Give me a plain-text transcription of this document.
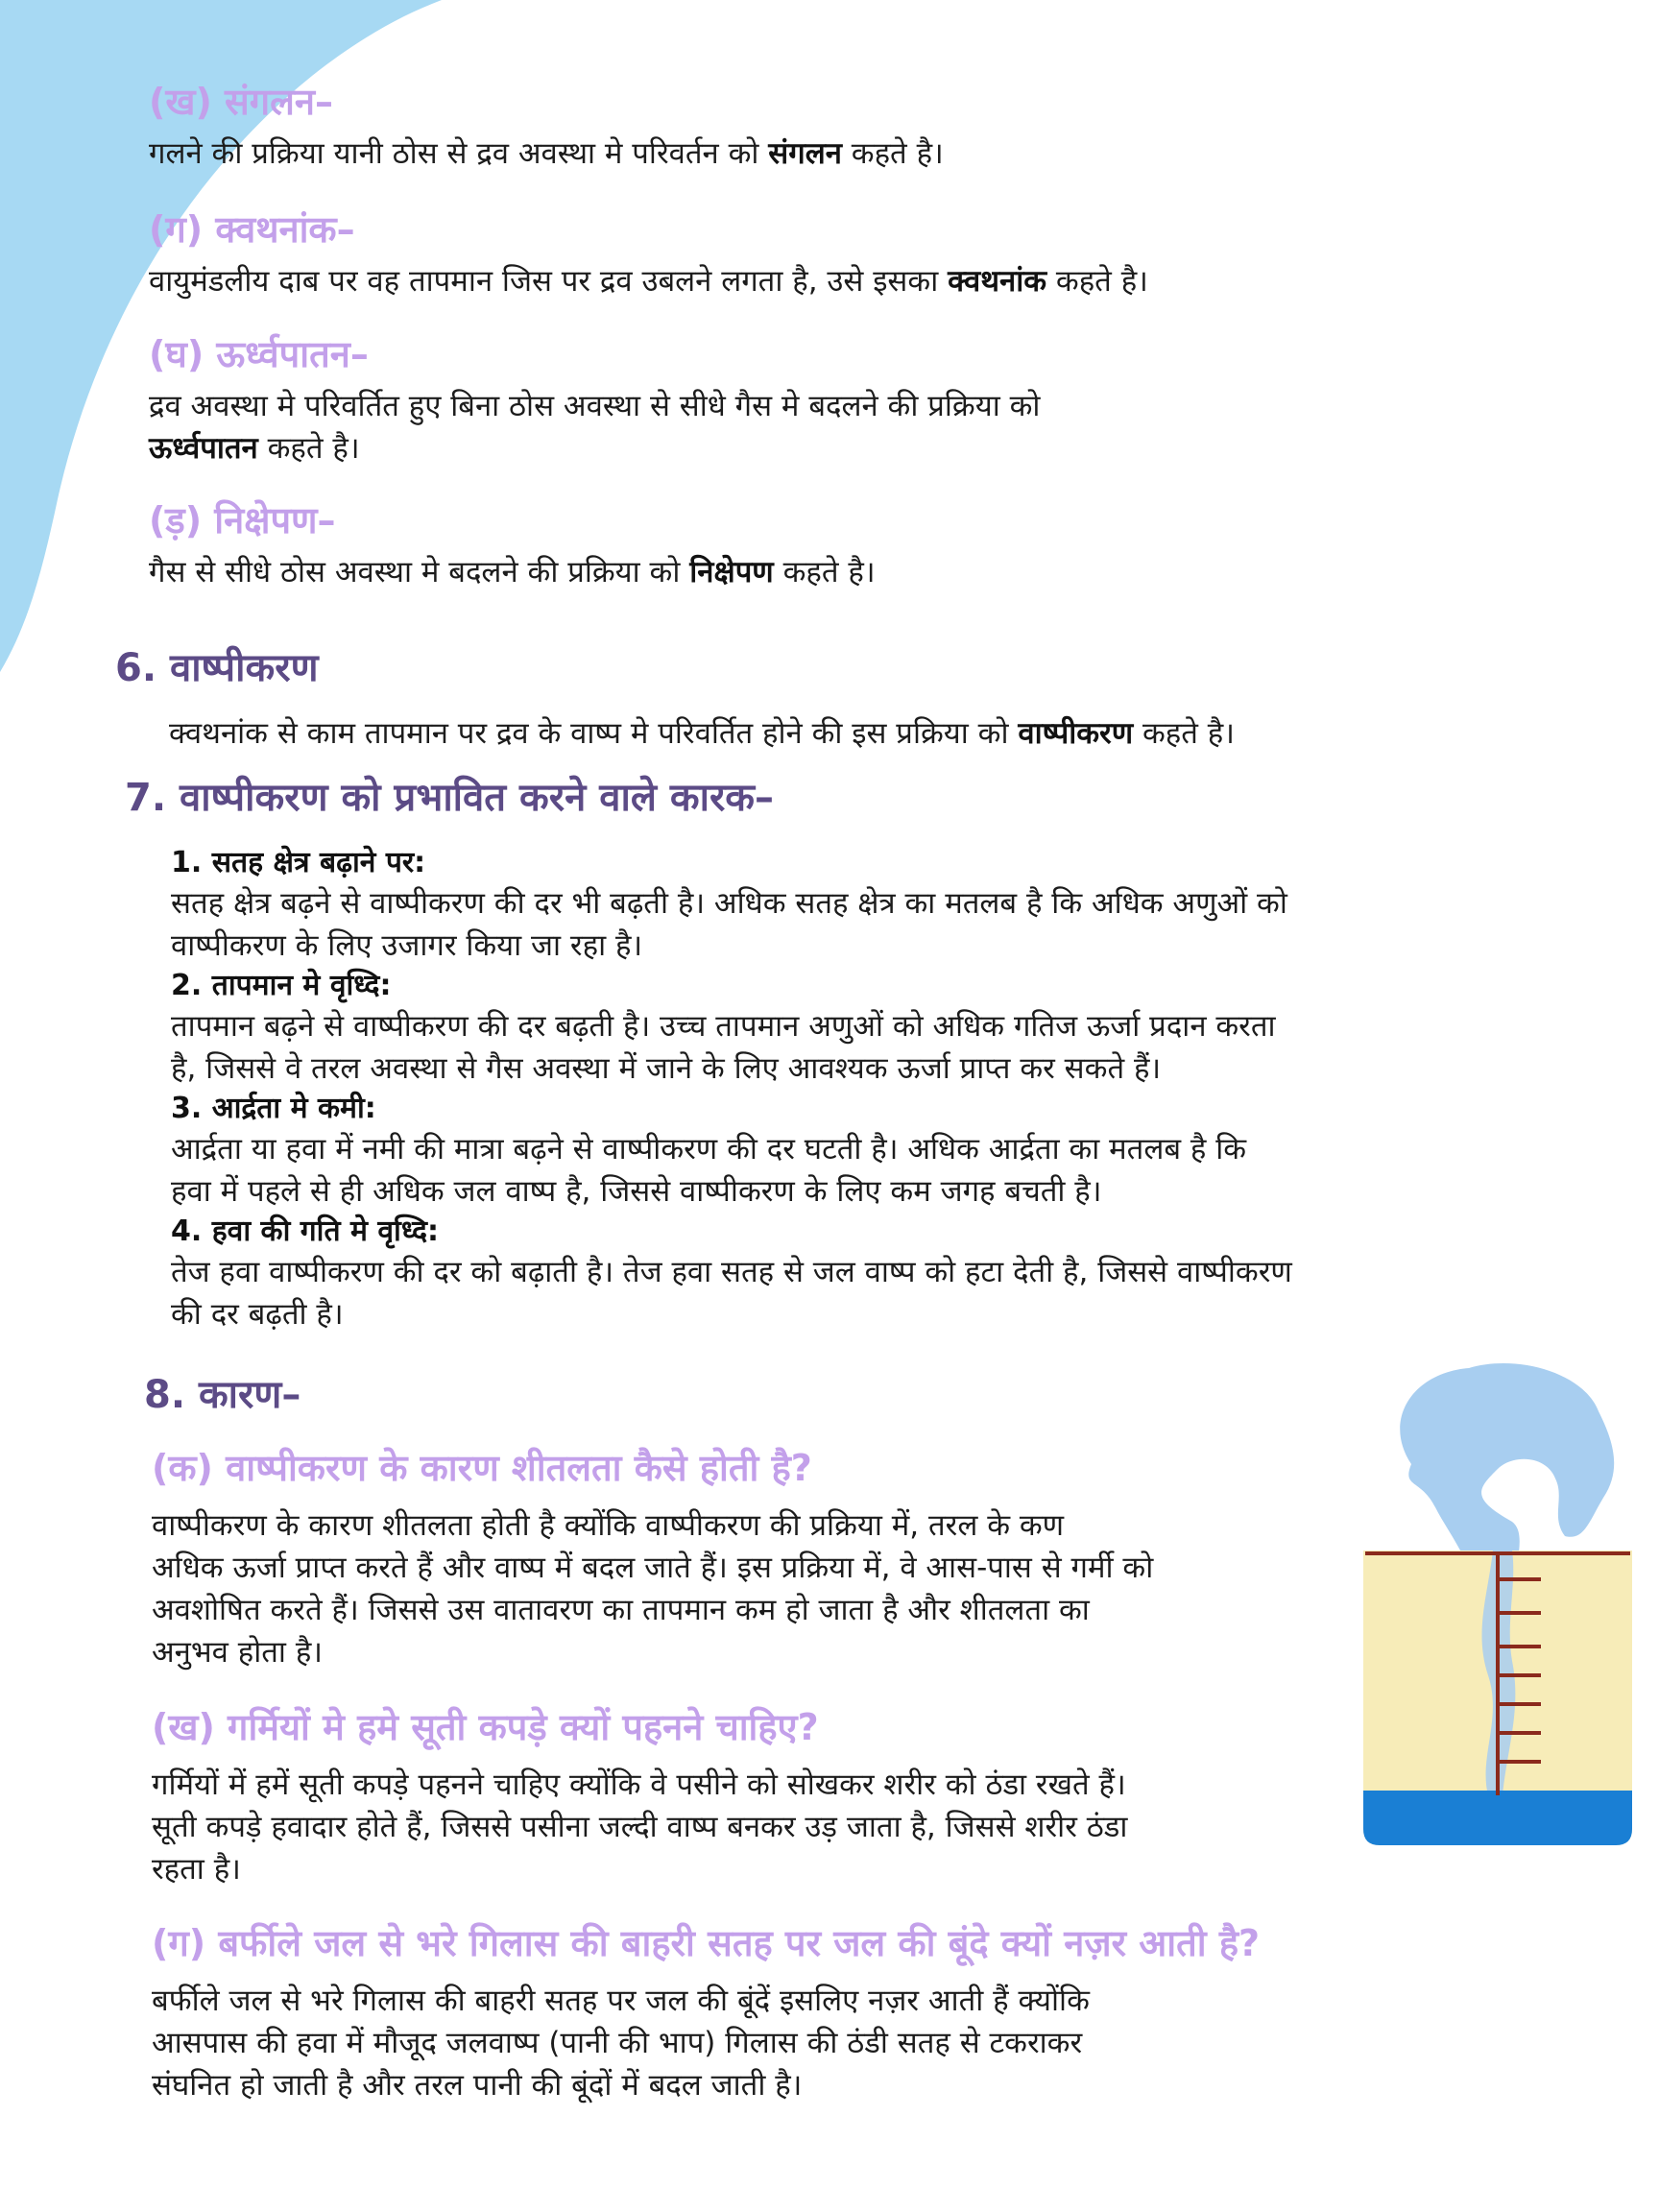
(ख) संगलन–

गलने की प्रक्रिया यानी ठोस से द्रव अवस्था मे परिवर्तन को संगलन कहते है।

(ग) क्वथनांक–

वायुमंडलीय दाब पर वह तापमान जिस पर द्रव उबलने लगता है, उसे इसका क्वथनांक कहते है।

(घ) ऊर्ध्वपातन–

द्रव अवस्था मे परिवर्तित हुए बिना ठोस अवस्था से सीधे गैस मे बदलने की प्रक्रिया को

ऊर्ध्वपातन कहते है।

(ड़) निक्षेपण–

गैस से सीधे ठोस अवस्था मे बदलने की प्रक्रिया को निक्षेपण कहते है।

6. वाष्पीकरण

क्वथनांक से काम तापमान पर द्रव के वाष्प मे परिवर्तित होने की इस प्रक्रिया को वाष्पीकरण कहते है।

7. वाष्पीकरण को प्रभावित करने वाले कारक–

1. सतह क्षेत्र बढ़ाने पर:

सतह क्षेत्र बढ़ने से वाष्पीकरण की दर भी बढ़ती है। अधिक सतह क्षेत्र का मतलब है कि अधिक अणुओं को

वाष्पीकरण के लिए उजागर किया जा रहा है।

2. तापमान मे वृध्दि:

तापमान बढ़ने से वाष्पीकरण की दर बढ़ती है। उच्च तापमान अणुओं को अधिक गतिज ऊर्जा प्रदान करता

है, जिससे वे तरल अवस्था से गैस अवस्था में जाने के लिए आवश्यक ऊर्जा प्राप्त कर सकते हैं।

3. आर्द्रता मे कमी:

आर्द्रता या हवा में नमी की मात्रा बढ़ने से वाष्पीकरण की दर घटती है। अधिक आर्द्रता का मतलब है कि

हवा में पहले से ही अधिक जल वाष्प है, जिससे वाष्पीकरण के लिए कम जगह बचती है।

4. हवा की गति मे वृध्दि:

तेज हवा वाष्पीकरण की दर को बढ़ाती है। तेज हवा सतह से जल वाष्प को हटा देती है, जिससे वाष्पीकरण

की दर बढ़ती है।

8. कारण–
(क) वाष्पीकरण के कारण शीतलता कैसे होती है?

वाष्पीकरण के कारण शीतलता होती है क्योंकि वाष्पीकरण की प्रक्रिया में, तरल के कण

अधिक ऊर्जा प्राप्त करते हैं और वाष्प में बदल जाते हैं। इस प्रक्रिया में, वे आस-पास से गर्मी को

अवशोषित करते हैं। जिससे उस वातावरण का तापमान कम हो जाता है और शीतलता का

अनुभव होता है।

(ख) गर्मियों मे हमे सूती कपड़े क्यों पहनने चाहिए?

गर्मियों में हमें सूती कपड़े पहनने चाहिए क्योंकि वे पसीने को सोखकर शरीर को ठंडा रखते हैं।

सूती कपड़े हवादार होते हैं, जिससे पसीना जल्दी वाष्प बनकर उड़ जाता है, जिससे शरीर ठंडा

रहता है।

(ग) बर्फीले जल से भरे गिलास की बाहरी सतह पर जल की बूंदे क्यों नज़र आती है?

बर्फीले जल से भरे गिलास की बाहरी सतह पर जल की बूंदें इसलिए नज़र आती हैं क्योंकि

आसपास की हवा में मौजूद जलवाष्प (पानी की भाप) गिलास की ठंडी सतह से टकराकर

संघनित हो जाती है और तरल पानी की बूंदों में बदल जाती है।
